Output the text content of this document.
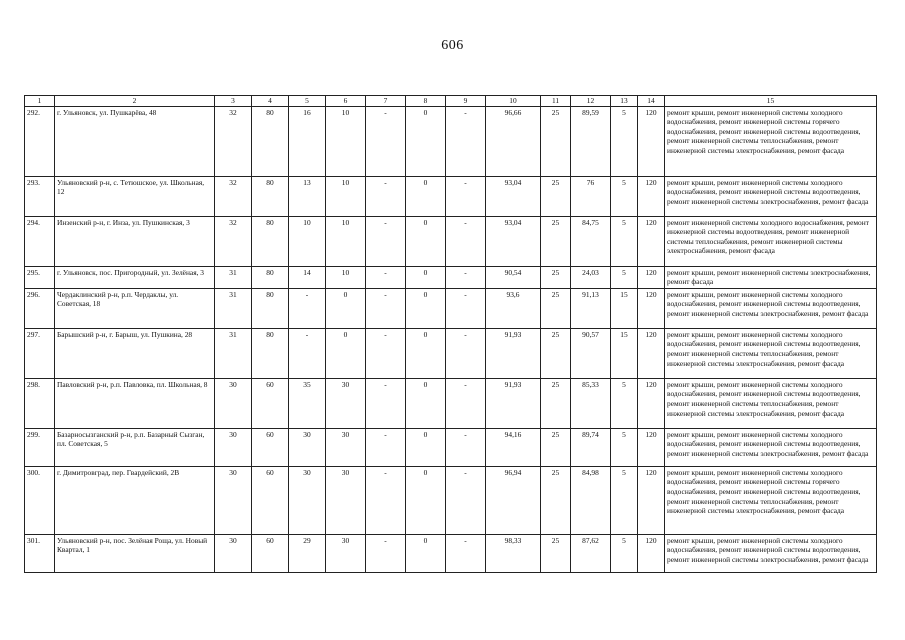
606
1	2	3	4	5	6	7	8	9	10	11	12	13	14	15
292.	г. Ульяновск, ул. Пушкарёва, 48	32	80	16	10	-	0	-	96,66	25	89,59	5	120	ремонт крыши, ремонт инженерной системы холодного водоснабжения, ремонт инженерной системы горячего водоснабжения, ремонт инженерной системы водоотведения, ремонт инженерной системы теплоснабжения, ремонт инженерной системы электроснабжения, ремонт фасада
293.	Ульяновский р-н, с. Тетюшское, ул. Школьная, 12	32	80	13	10	-	0	-	93,04	25	76	5	120	ремонт крыши, ремонт инженерной системы холодного водоснабжения, ремонт инженерной системы водоотведения, ремонт инженерной системы электроснабжения, ремонт фасада
294.	Инзенский р-н, г. Инза, ул. Пушкинская, 3	32	80	10	10	-	0	-	93,04	25	84,75	5	120	ремонт инженерной системы холодного водоснабжения, ремонт инженерной системы водоотведения, ремонт инженерной системы теплоснабжения, ремонт инженерной системы электроснабжения, ремонт фасада
295.	г. Ульяновск, пос. Пригородный, ул. Зелёная, 3	31	80	14	10	-	0	-	90,54	25	24,03	5	120	ремонт крыши, ремонт инженерной системы электроснабжения, ремонт фасада
296.	Чердаклинский р-н, р.п. Чердаклы, ул. Советская, 18	31	80	-	0	-	0	-	93,6	25	91,13	15	120	ремонт крыши, ремонт инженерной системы холодного водоснабжения, ремонт инженерной системы водоотведения, ремонт инженерной системы электроснабжения, ремонт фасада
297.	Барышский р-н, г. Барыш, ул. Пушкина, 28	31	80	-	0	-	0	-	91,93	25	90,57	15	120	ремонт крыши, ремонт инженерной системы холодного водоснабжения, ремонт инженерной системы водоотведения, ремонт инженерной системы теплоснабжения, ремонт инженерной системы электроснабжения, ремонт фасада
298.	Павловский р-н, р.п. Павловка, пл. Школьная, 8	30	60	35	30	-	0	-	91,93	25	85,33	5	120	ремонт крыши, ремонт инженерной системы холодного водоснабжения, ремонт инженерной системы водоотведения, ремонт инженерной системы теплоснабжения, ремонт инженерной системы электроснабжения, ремонт фасада
299.	Базарносызганский р-н, р.п. Базарный Сызган, пл. Советская, 5	30	60	30	30	-	0	-	94,16	25	89,74	5	120	ремонт крыши, ремонт инженерной системы холодного водоснабжения, ремонт инженерной системы водоотведения, ремонт инженерной системы электроснабжения, ремонт фасада
300.	г. Димитровград, пер. Гвардейский, 2В	30	60	30	30	-	0	-	96,94	25	84,98	5	120	ремонт крыши, ремонт инженерной системы холодного водоснабжения, ремонт инженерной системы горячего водоснабжения, ремонт инженерной системы водоотведения, ремонт инженерной системы теплоснабжения, ремонт инженерной системы электроснабжения, ремонт фасада
301.	Ульяновский р-н, пос. Зелёная Роща, ул. Новый Квартал, 1	30	60	29	30	-	0	-	98,33	25	87,62	5	120	ремонт крыши, ремонт инженерной системы холодного водоснабжения, ремонт инженерной системы водоотведения, ремонт инженерной системы электроснабжения, ремонт фасада
